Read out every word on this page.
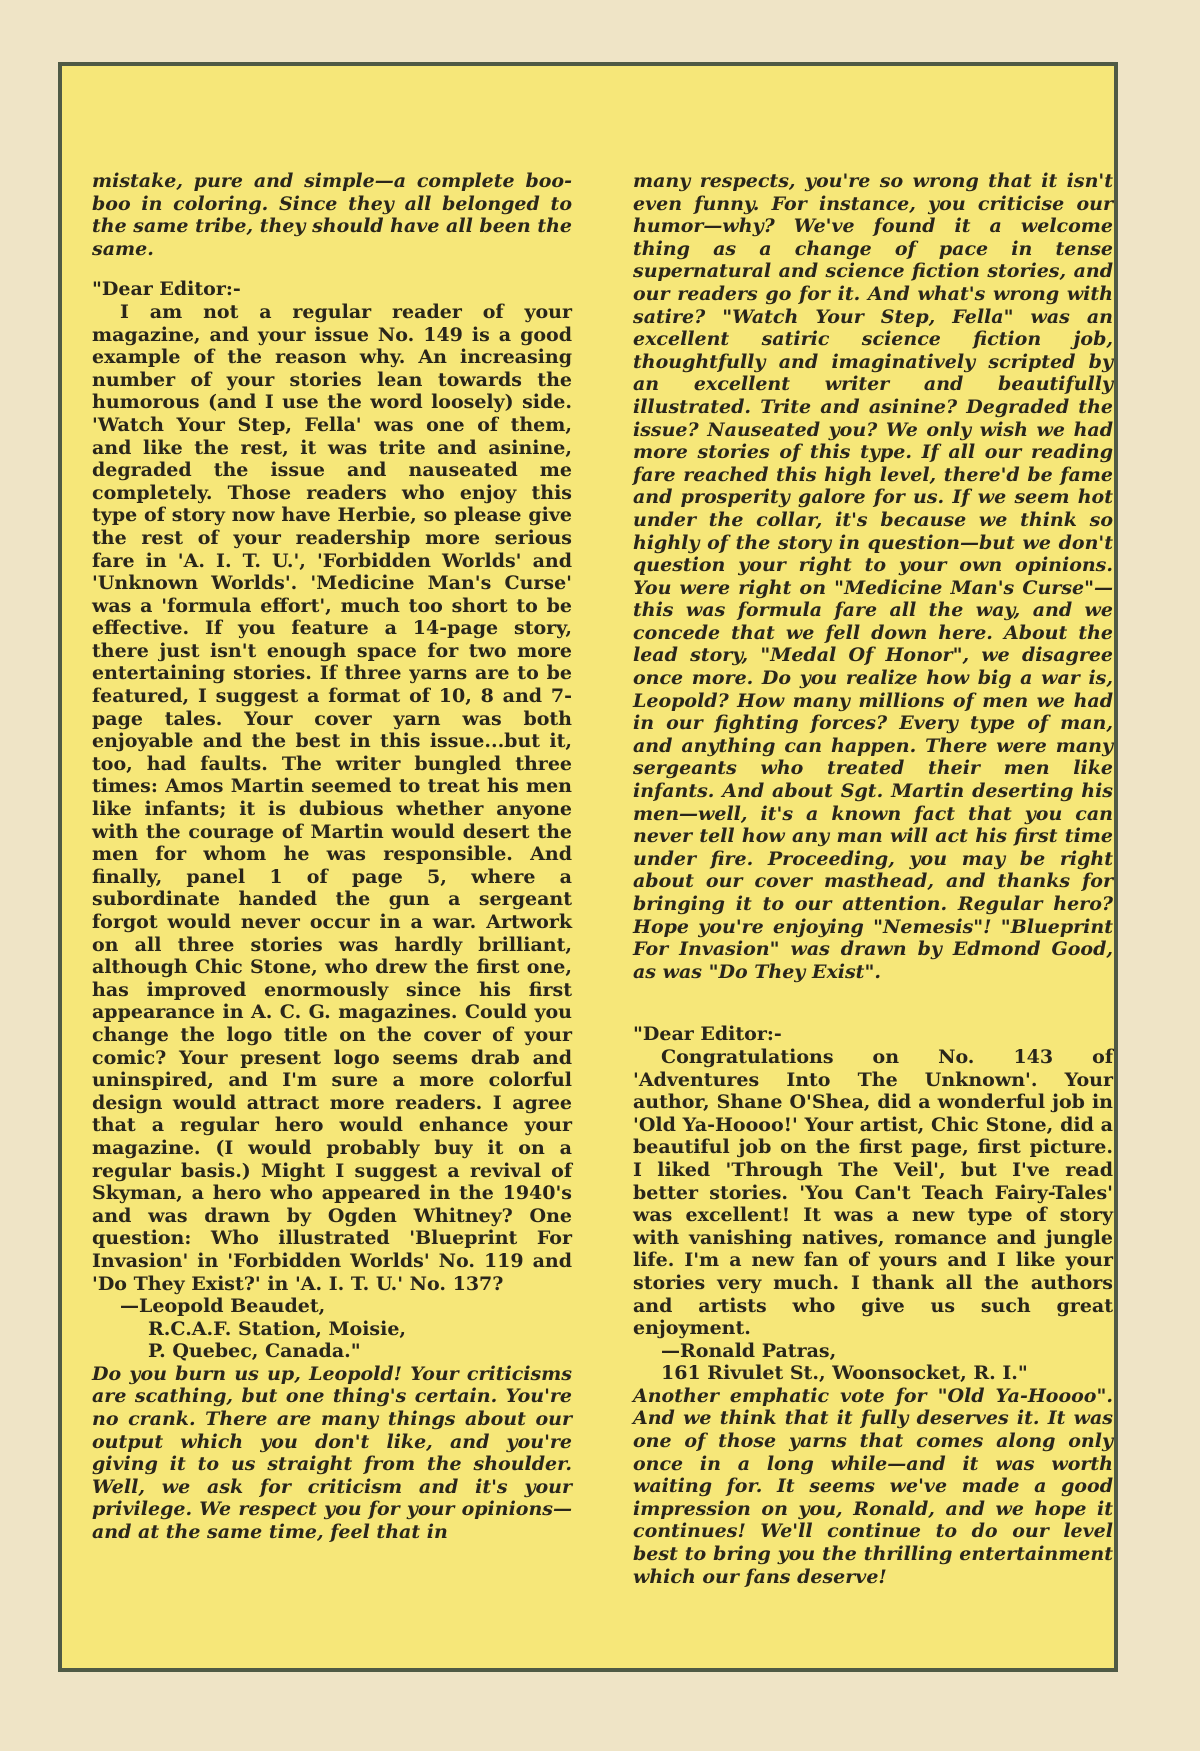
mistake, pure and simple—a complete boo-boo in coloring. Since they all belonged to the same tribe, they should have all been the same.

"Dear Editor:-

I am not a regular reader of your magazine, and your issue No. 149 is a good example of the reason why. An increasing number of your stories lean towards the humorous (and I use the word loosely) side. 'Watch Your Step, Fella' was one of them, and like the rest, it was trite and asinine, degraded the issue and nauseated me completely. Those readers who enjoy this type of story now have Herbie, so please give the rest of your readership more serious fare in 'A. I. T. U.', 'Forbidden Worlds' and 'Unknown Worlds'. 'Medicine Man's Curse' was a 'formula effort', much too short to be effective. If you feature a 14-page story, there just isn't enough space for two more entertaining stories. If three yarns are to be featured, I suggest a format of 10, 8 and 7-page tales. Your cover yarn was both enjoyable and the best in this issue...but it, too, had faults. The writer bungled three times: Amos Martin seemed to treat his men like infants; it is dubious whether anyone with the courage of Martin would desert the men for whom he was responsible. And finally, panel 1 of page 5, where a subordinate handed the gun a sergeant forgot would never occur in a war. Artwork on all three stories was hardly brilliant, although Chic Stone, who drew the first one, has improved enormously since his first appearance in A. C. G. magazines. Could you change the logo title on the cover of your comic? Your present logo seems drab and uninspired, and I'm sure a more colorful design would attract more readers. I agree that a regular hero would enhance your magazine. (I would probably buy it on a regular basis.) Might I suggest a revival of Skyman, a hero who appeared in the 1940's and was drawn by Ogden Whitney? One question: Who illustrated 'Blueprint For Invasion' in 'Forbidden Worlds' No. 119 and 'Do They Exist?' in 'A. I. T. U.' No. 137?

—Leopold Beaudet,

R.C.A.F. Station, Moisie,

P. Quebec, Canada."

Do you burn us up, Leopold! Your criticisms are scathing, but one thing's certain. You're no crank. There are many things about our output which you don't like, and you're giving it to us straight from the shoulder. Well, we ask for criticism and it's your privilege. We respect you for your opinions—and at the same time, feel that in

many respects, you're so wrong that it isn't even funny. For instance, you criticise our humor—why? We've found it a welcome thing as a change of pace in tense supernatural and science fiction stories, and our readers go for it. And what's wrong with satire? "Watch Your Step, Fella" was an excellent satiric science fiction job, thoughtfully and imaginatively scripted by an excellent writer and beautifully illustrated. Trite and asinine? Degraded the issue? Nauseated you? We only wish we had more stories of this type. If all our reading fare reached this high level, there'd be fame and prosperity galore for us. If we seem hot under the collar, it's because we think so highly of the story in question—but we don't question your right to your own opinions. You were right on "Medicine Man's Curse"—this was formula fare all the way, and we concede that we fell down here. About the lead story, "Medal Of Honor", we disagree once more. Do you realize how big a war is, Leopold? How many millions of men we had in our fighting forces? Every type of man, and anything can happen. There were many sergeants who treated their men like infants. And about Sgt. Martin deserting his men—well, it's a known fact that you can never tell how any man will act his first time under fire. Proceeding, you may be right about our cover masthead, and thanks for bringing it to our attention. Regular hero? Hope you're enjoying "Nemesis"! "Blueprint For Invasion" was drawn by Edmond Good, as was "Do They Exist".

"Dear Editor:-

Congratulations on No. 143 of 'Adventures Into The Unknown'. Your author, Shane O'Shea, did a wonderful job in 'Old Ya-Hoooo!' Your artist, Chic Stone, did a beautiful job on the first page, first picture. I liked 'Through The Veil', but I've read better stories. 'You Can't Teach Fairy-Tales' was excellent! It was a new type of story with vanishing natives, romance and jungle life. I'm a new fan of yours and I like your stories very much. I thank all the authors and artists who give us such great enjoyment.

—Ronald Patras,

161 Rivulet St., Woonsocket, R. I."

Another emphatic vote for "Old Ya-Hoooo". And we think that it fully deserves it. It was one of those yarns that comes along only once in a long while—and it was worth waiting for. It seems we've made a good impression on you, Ronald, and we hope it continues! We'll continue to do our level best to bring you the thrilling entertainment which our fans deserve!
